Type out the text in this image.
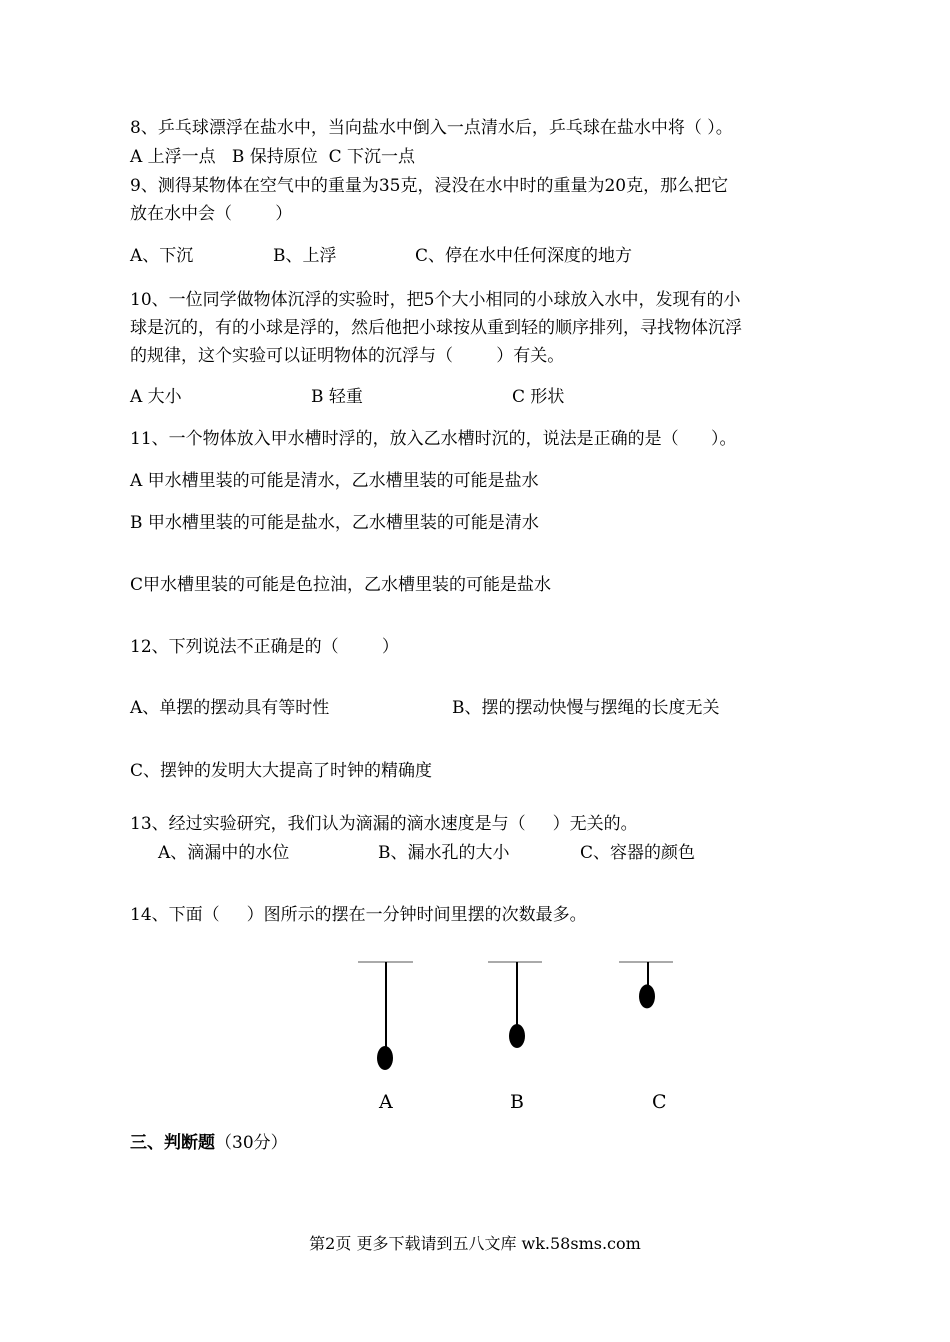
8、乒乓球漂浮在盐水中，当向盐水中倒入一点清水后，乒乓球在盐水中将（ ）。
A 上浮一点   B 保持原位  C 下沉一点
9、测得某物体在空气中的重量为35克，浸没在水中时的重量为20克，那么把它
放在水中会（        ）
A、下沉	B、上浮	C、停在水中任何深度的地方
10、一位同学做物体沉浮的实验时，把5个大小相同的小球放入水中，发现有的小
球是沉的，有的小球是浮的，然后他把小球按从重到轻的顺序排列，寻找物体沉浮
的规律，这个实验可以证明物体的沉浮与（        ）有关。
A 大小	B 轻重	C 形状
11、一个物体放入甲水槽时浮的，放入乙水槽时沉的，说法是正确的是（      ）。
A 甲水槽里装的可能是清水，乙水槽里装的可能是盐水
B 甲水槽里装的可能是盐水，乙水槽里装的可能是清水
C甲水槽里装的可能是色拉油，乙水槽里装的可能是盐水
12、下列说法不正确是的（        ）
A、单摆的摆动具有等时性	B、摆的摆动快慢与摆绳的长度无关
C、摆钟的发明大大提高了时钟的精确度
13、经过实验研究，我们认为滴漏的滴水速度是与（     ）无关的。
A、滴漏中的水位	B、漏水孔的大小	C、容器的颜色
14、下面（     ）图所示的摆在一分钟时间里摆的次数最多。
A	B	C
三、判断题（30分）
第2页 更多下载请到五八文库 wk.58sms.com
